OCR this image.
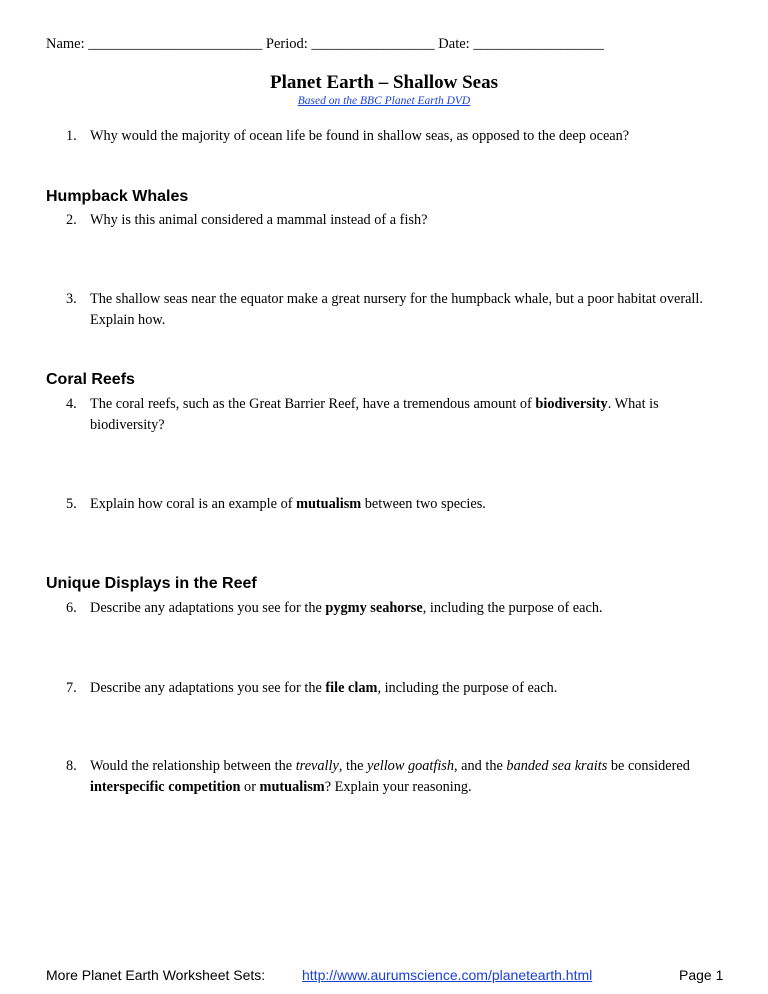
Name: ________________________ Period: _________________ Date: __________________
Planet Earth – Shallow Seas
Based on the BBC Planet Earth DVD
1. Why would the majority of ocean life be found in shallow seas, as opposed to the deep ocean?
Humpback Whales
2. Why is this animal considered a mammal instead of a fish?
3. The shallow seas near the equator make a great nursery for the humpback whale, but a poor habitat overall. Explain how.
Coral Reefs
4. The coral reefs, such as the Great Barrier Reef, have a tremendous amount of biodiversity. What is biodiversity?
5. Explain how coral is an example of mutualism between two species.
Unique Displays in the Reef
6. Describe any adaptations you see for the pygmy seahorse, including the purpose of each.
7. Describe any adaptations you see for the file clam, including the purpose of each.
8. Would the relationship between the trevally, the yellow goatfish, and the banded sea kraits be considered interspecific competition or mutualism? Explain your reasoning.
More Planet Earth Worksheet Sets:	http://www.aurumscience.com/planetearth.html	Page 1
